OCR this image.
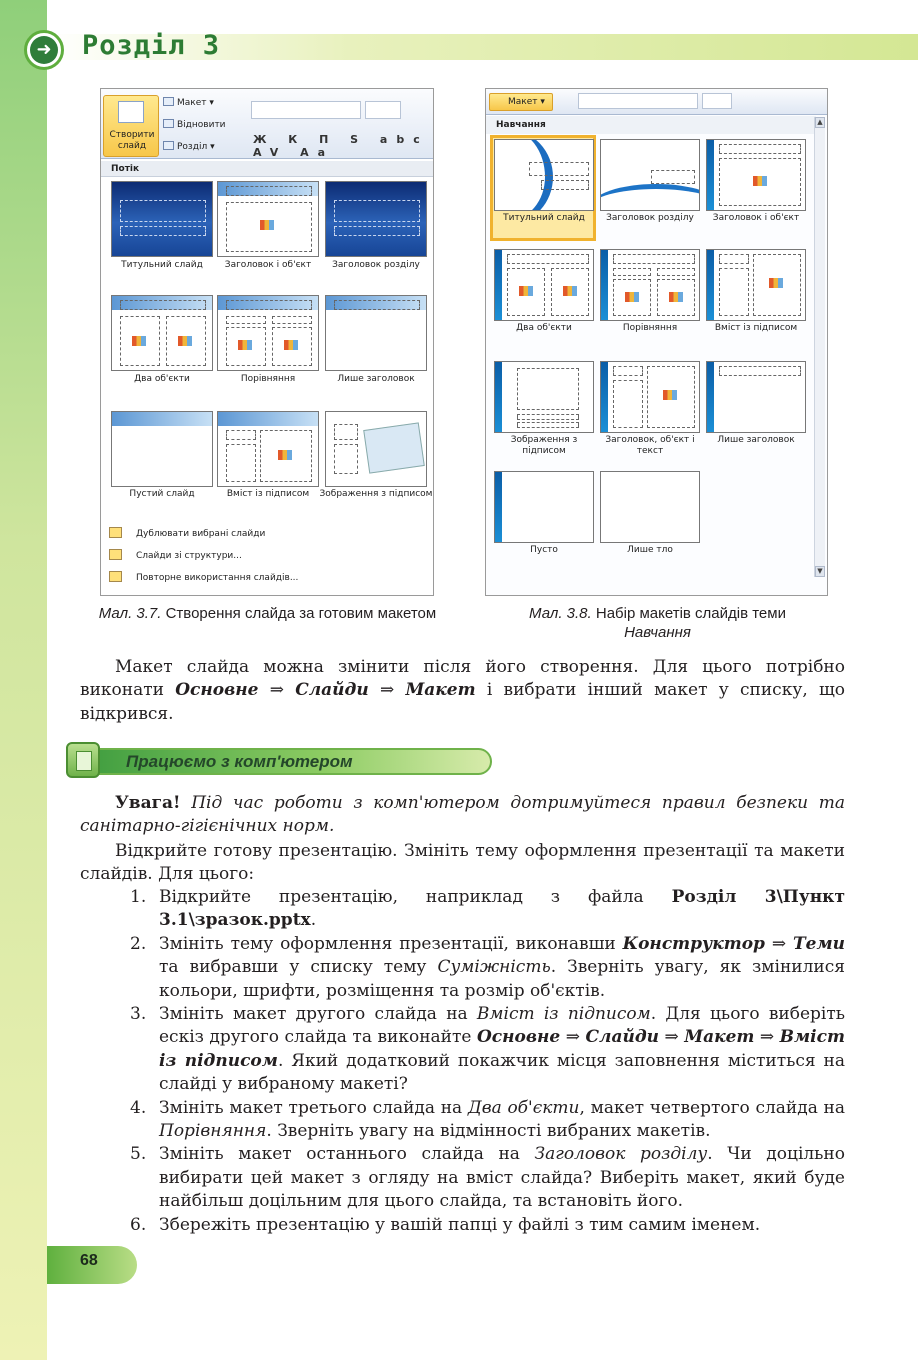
➜ Розділ 3
Створити слайд
Макет ▾
Відновити
Розділ ▾
Ж К П S abc AV Aa
Потік
Титульний слайд	Заголовок і об'єкт	Заголовок розділу
Два об'єкти	Порівняння	Лише заголовок
Пустий слайд	Вміст із підписом	Зображення з підписом
Дублювати вибрані слайди
Слайди зі структури...
Повторне використання слайдів...
Макет ▾
Навчання	▲
▼
Титульний слайд	Заголовок розділу	Заголовок і об'єкт
Два об'єкти	Порівняння	Вміст із підписом
Зображення з підписом
Заголовок, об'єкт і текст
Лише заголовок
Пусто	Лише тло
Мал. 3.7. Створення слайда за готовим макетом	Мал. 3.8. Набір макетів слайдів теми
Навчання
Макет слайда можна змінити після його створення. Для цього потрібно виконати Основне ⇒ Слайди ⇒ Макет і вибрати інший макет у списку, що відкрився.
Працюємо з комп'ютером
Увага! Під час роботи з комп'ютером дотримуйтеся правил безпеки та санітарно-гігієнічних норм.
Відкрийте готову презентацію. Змініть тему оформлення презентації та макети слайдів. Для цього:
1. Відкрийте презентацію, наприклад з файла Розділ 3\Пункт 3.1\зразок.pptx.
2. Змініть тему оформлення презентації, виконавши Конструктор ⇒ Теми та вибравши у списку тему Суміжність. Зверніть увагу, як змінилися кольори, шрифти, розміщення та розмір об'єктів.
3. Змініть макет другого слайда на Вміст із підписом. Для цього виберіть ескіз другого слайда та виконайте Основне ⇒ Слайди ⇒ Макет ⇒ Вміст із підписом. Який додатковий покажчик місця заповнення міститься на слайді у вибраному макеті?
4. Змініть макет третього слайда на Два об'єкти, макет четвертого слайда на Порівняння. Зверніть увагу на відмінності вибраних макетів.
5. Змініть макет останнього слайда на Заголовок розділу. Чи доцільно вибирати цей макет з огляду на вміст слайда? Виберіть макет, який буде найбільш доцільним для цього слайда, та встановіть його.
6. Збережіть презентацію у вашій папці у файлі з тим самим іменем.
68
